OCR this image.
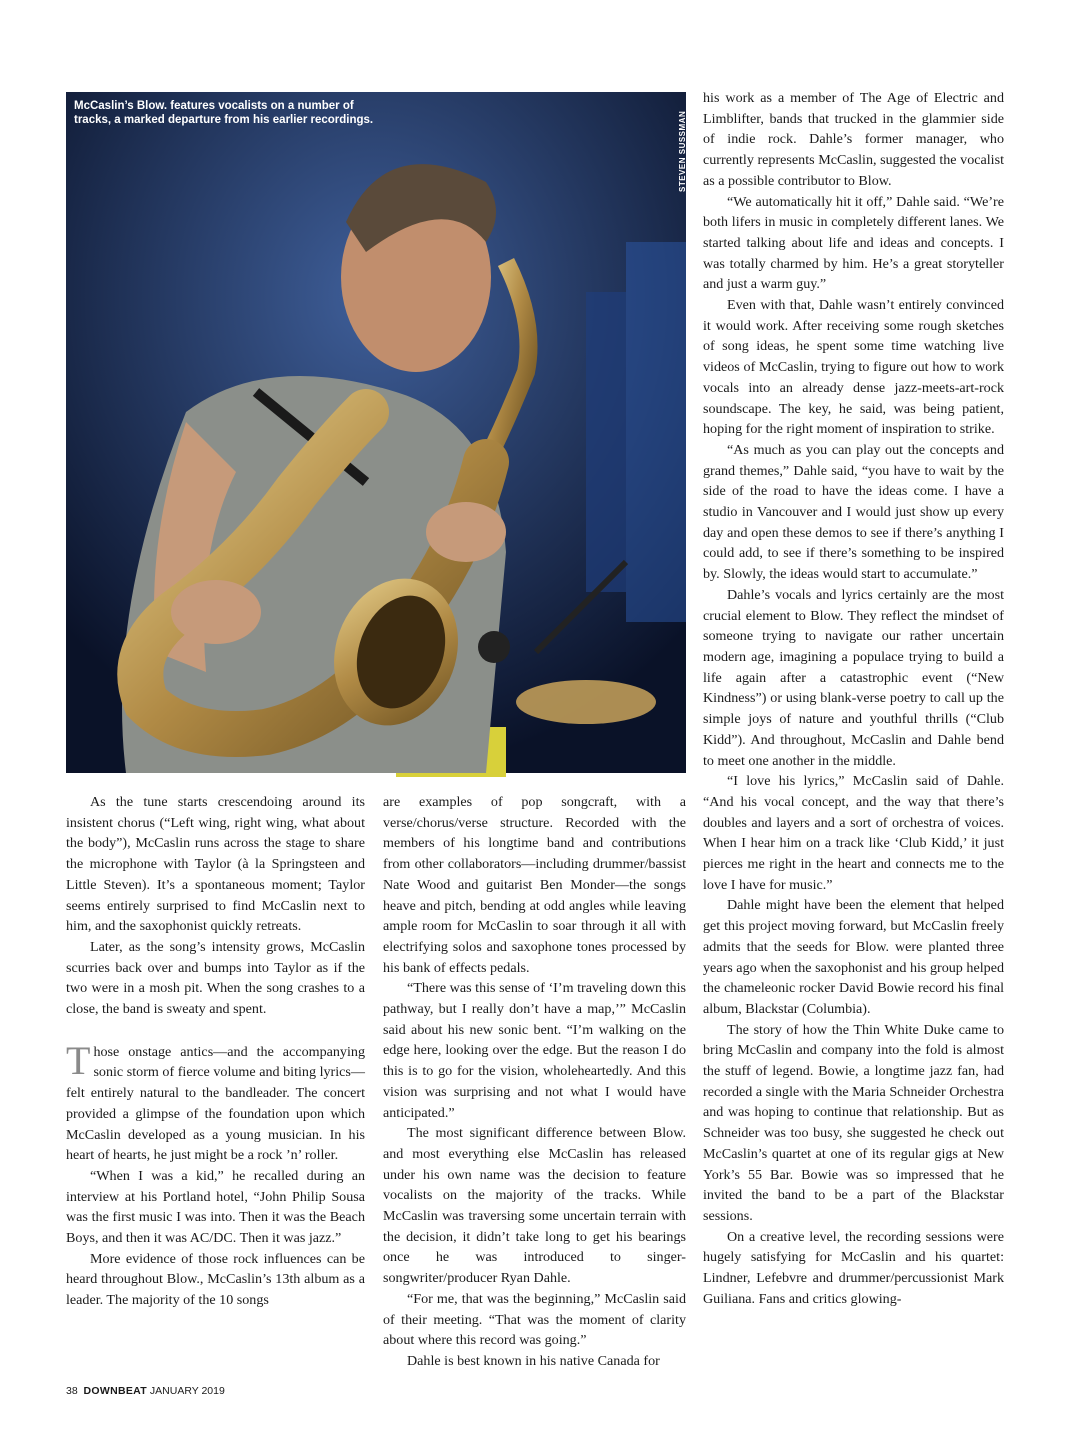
McCaslin’s Blow. features vocalists on a number of tracks, a marked departure from his earlier recordings.	STEVEN SUSSMAN

As the tune starts crescendoing around its insistent chorus (“Left wing, right wing, what about the body”), McCaslin runs across the stage to share the microphone with Taylor (à la Springsteen and Little Steven). It’s a spontaneous moment; Taylor seems entirely surprised to find McCaslin next to him, and the saxophonist quickly retreats.

Later, as the song’s intensity grows, McCaslin scurries back over and bumps into Taylor as if the two were in a mosh pit. When the song crashes to a close, the band is sweaty and spent.

Those onstage antics—and the accompanying sonic storm of fierce volume and biting lyrics—felt entirely natural to the bandleader. The concert provided a glimpse of the foundation upon which McCaslin developed as a young musician. In his heart of hearts, he just might be a rock ’n’ roller.

“When I was a kid,” he recalled during an interview at his Portland hotel, “John Philip Sousa was the first music I was into. Then it was the Beach Boys, and then it was AC/DC. Then it was jazz.”

More evidence of those rock influences can be heard throughout Blow., McCaslin’s 13th album as a leader. The majority of the 10 songs

are examples of pop songcraft, with a verse/chorus/verse structure. Recorded with the members of his longtime band and contributions from other collaborators—including drummer/bassist Nate Wood and guitarist Ben Monder—the songs heave and pitch, bending at odd angles while leaving ample room for McCaslin to soar through it all with electrifying solos and saxophone tones processed by his bank of effects pedals.

“There was this sense of ‘I’m traveling down this pathway, but I really don’t have a map,’” McCaslin said about his new sonic bent. “I’m walking on the edge here, looking over the edge. But the reason I do this is to go for the vision, wholeheartedly. And this vision was surprising and not what I would have anticipated.”

The most significant difference between Blow. and most everything else McCaslin has released under his own name was the decision to feature vocalists on the majority of the tracks. While McCaslin was traversing some uncertain terrain with the decision, it didn’t take long to get his bearings once he was introduced to singer-songwriter/producer Ryan Dahle.

“For me, that was the beginning,” McCaslin said of their meeting. “That was the moment of clarity about where this record was going.”

Dahle is best known in his native Canada for

his work as a member of The Age of Electric and Limblifter, bands that trucked in the glammier side of indie rock. Dahle’s former manager, who currently represents McCaslin, suggested the vocalist as a possible contributor to Blow.

“We automatically hit it off,” Dahle said. “We’re both lifers in music in completely different lanes. We started talking about life and ideas and concepts. I was totally charmed by him. He’s a great storyteller and just a warm guy.”

Even with that, Dahle wasn’t entirely convinced it would work. After receiving some rough sketches of song ideas, he spent some time watching live videos of McCaslin, trying to figure out how to work vocals into an already dense jazz-meets-art-rock soundscape. The key, he said, was being patient, hoping for the right moment of inspiration to strike.

“As much as you can play out the concepts and grand themes,” Dahle said, “you have to wait by the side of the road to have the ideas come. I have a studio in Vancouver and I would just show up every day and open these demos to see if there’s anything I could add, to see if there’s something to be inspired by. Slowly, the ideas would start to accumulate.”

Dahle’s vocals and lyrics certainly are the most crucial element to Blow. They reflect the mindset of someone trying to navigate our rather uncertain modern age, imagining a populace trying to build a life again after a catastrophic event (“New Kindness”) or using blank-verse poetry to call up the simple joys of nature and youthful thrills (“Club Kidd”). And throughout, McCaslin and Dahle bend to meet one another in the middle.

“I love his lyrics,” McCaslin said of Dahle. “And his vocal concept, and the way that there’s doubles and layers and a sort of orchestra of voices. When I hear him on a track like ‘Club Kidd,’ it just pierces me right in the heart and connects me to the love I have for music.”

Dahle might have been the element that helped get this project moving forward, but McCaslin freely admits that the seeds for Blow. were planted three years ago when the saxophonist and his group helped the chameleonic rocker David Bowie record his final album, Blackstar (Columbia).

The story of how the Thin White Duke came to bring McCaslin and company into the fold is almost the stuff of legend. Bowie, a longtime jazz fan, had recorded a single with the Maria Schneider Orchestra and was hoping to continue that relationship. But as Schneider was too busy, she suggested he check out McCaslin’s quartet at one of its regular gigs at New York’s 55 Bar. Bowie was so impressed that he invited the band to be a part of the Blackstar sessions.

On a creative level, the recording sessions were hugely satisfying for McCaslin and his quartet: Lindner, Lefebvre and drummer/percussionist Mark Guiliana. Fans and critics glowing-

38 DOWNBEAT JANUARY 2019
